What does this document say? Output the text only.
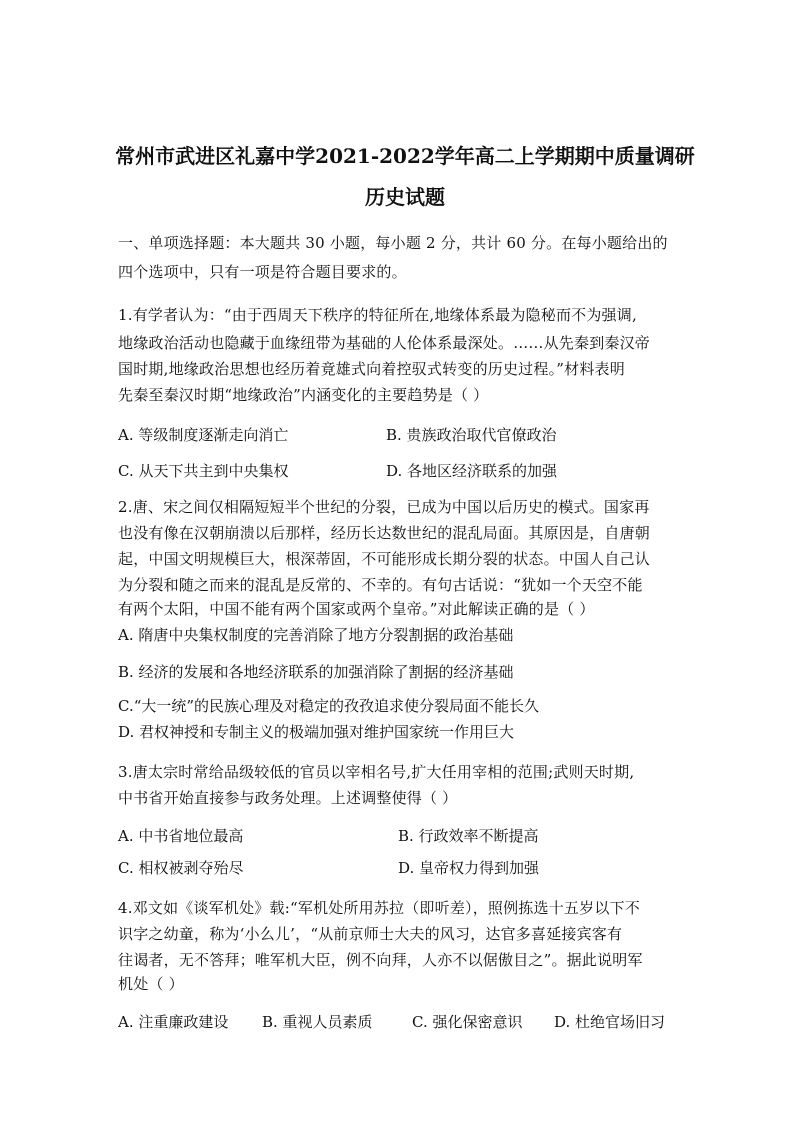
常州市武进区礼嘉中学2021-2022学年高二上学期期中质量调研
历史试题
一、单项选择题：本大题共 30 小题，每小题 2 分，共计 60 分。在每小题给出的
四个选项中，只有一项是符合题目要求的。
1.有学者认为：“由于西周天下秩序的特征所在,地缘体系最为隐秘而不为强调,
地缘政治活动也隐藏于血缘纽带为基础的人伦体系最深处。……从先秦到秦汉帝
国时期,地缘政治思想也经历着竟雄式向着控驭式转变的历史过程。”材料表明
先秦至秦汉时期“地缘政治”内涵变化的主要趋势是（ ）
A. 等级制度逐渐走向消亡	B. 贵族政治取代官僚政治
C. 从天下共主到中央集权	D. 各地区经济联系的加强
2.唐、宋之间仅相隔短短半个世纪的分裂，已成为中国以后历史的模式。国家再
也没有像在汉朝崩溃以后那样，经历长达数世纪的混乱局面。其原因是，自唐朝
起，中国文明规模巨大，根深蒂固，不可能形成长期分裂的状态。中国人自己认
为分裂和随之而来的混乱是反常的、不幸的。有句古话说：“犹如一个天空不能
有两个太阳，中国不能有两个国家或两个皇帝。”对此解读正确的是（ ）
A. 隋唐中央集权制度的完善消除了地方分裂割据的政治基础
B. 经济的发展和各地经济联系的加强消除了割据的经济基础
C.“大一统”的民族心理及对稳定的孜孜追求使分裂局面不能长久
D. 君权神授和专制主义的极端加强对维护国家统一作用巨大
3.唐太宗时常给品级较低的官员以宰相名号,扩大任用宰相的范围;武则天时期,
中书省开始直接参与政务处理。上述调整使得（ ）
A. 中书省地位最高	B. 行政效率不断提高
C. 相权被剥夺殆尽	D. 皇帝权力得到加强
4.邓文如《谈军机处》载:“军机处所用苏拉（即听差），照例拣选十五岁以下不
识字之幼童，称为‘小么儿’，“从前京师士大夫的风习，达官多喜延接宾客有
往谒者，无不答拜；唯军机大臣，例不向拜，人亦不以倨傲目之”。据此说明军
机处（ ）
A. 注重廉政建设 B. 重视人员素质	C. 强化保密意识 D. 杜绝官场旧习
